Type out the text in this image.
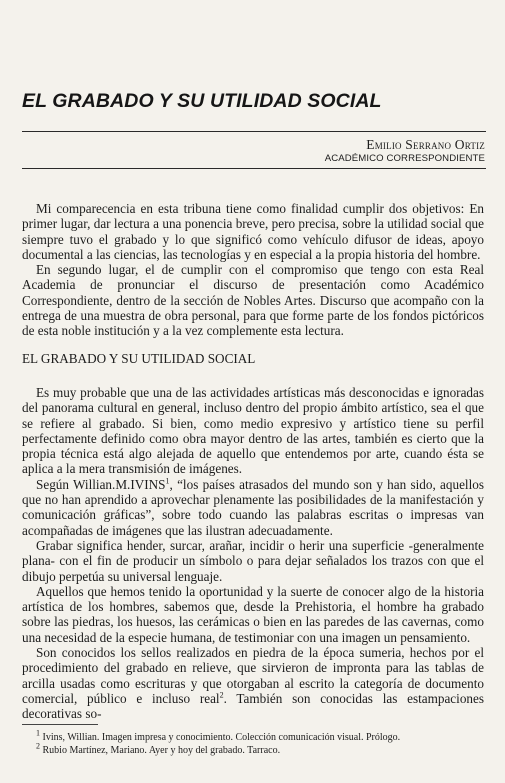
EL GRABADO Y SU UTILIDAD SOCIAL
Emilio Serrano Ortiz
ACADÉMICO CORRESPONDIENTE

Mi comparecencia en esta tribuna tiene como finalidad cumplir dos objetivos: En primer lugar, dar lectura a una ponencia breve, pero precisa, sobre la utilidad social que siempre tuvo el grabado y lo que significó como vehículo difusor de ideas, apoyo documental a las ciencias, las tecnologías y en especial a la propia historia del hombre.

En segundo lugar, el de cumplir con el compromiso que tengo con esta Real Academia de pronunciar el discurso de presentación como Académico Correspondiente, dentro de la sección de Nobles Artes. Discurso que acompaño con la entrega de una muestra de obra personal, para que forme parte de los fondos pictóricos de esta noble institución y a la vez complemente esta lectura.

EL GRABADO Y SU UTILIDAD SOCIAL

Es muy probable que una de las actividades artísticas más desconocidas e ignoradas del panorama cultural en general, incluso dentro del propio ámbito artístico, sea el que se refiere al grabado. Si bien, como medio expresivo y artístico tiene su perfil perfectamente definido como obra mayor dentro de las artes, también es cierto que la propia técnica está algo alejada de aquello que entendemos por arte, cuando ésta se aplica a la mera transmisión de imágenes.

Según Willian.M.IVINS$^1$, “los países atrasados del mundo son y han sido, aquellos que no han aprendido a aprovechar plenamente las posibilidades de la manifestación y comunicación gráficas”, sobre todo cuando las palabras escritas o impresas van acompañadas de imágenes que las ilustran adecuadamente.

Grabar significa hender, surcar, arañar, incidir o herir una superficie -generalmente plana- con el fin de producir un símbolo o para dejar señalados los trazos con que el dibujo perpetúa su universal lenguaje.

Aquellos que hemos tenido la oportunidad y la suerte de conocer algo de la historia artística de los hombres, sabemos que, desde la Prehistoria, el hombre ha grabado sobre las piedras, los huesos, las cerámicas o bien en las paredes de las cavernas, como una necesidad de la especie humana, de testimoniar con una imagen un pensamiento.

Son conocidos los sellos realizados en piedra de la época sumeria, hechos por el procedimiento del grabado en relieve, que sirvieron de impronta para las tablas de arcilla usadas como escrituras y que otorgaban al escrito la categoría de documento comercial, público e incluso real$^2$. También son conocidas las estampaciones decorativas so-

$^1$ Ivins, Willian. Imagen impresa y conocimiento. Colección comunicación visual. Prólogo.
$^2$ Rubio Martínez, Mariano. Ayer y hoy del grabado. Tarraco.
